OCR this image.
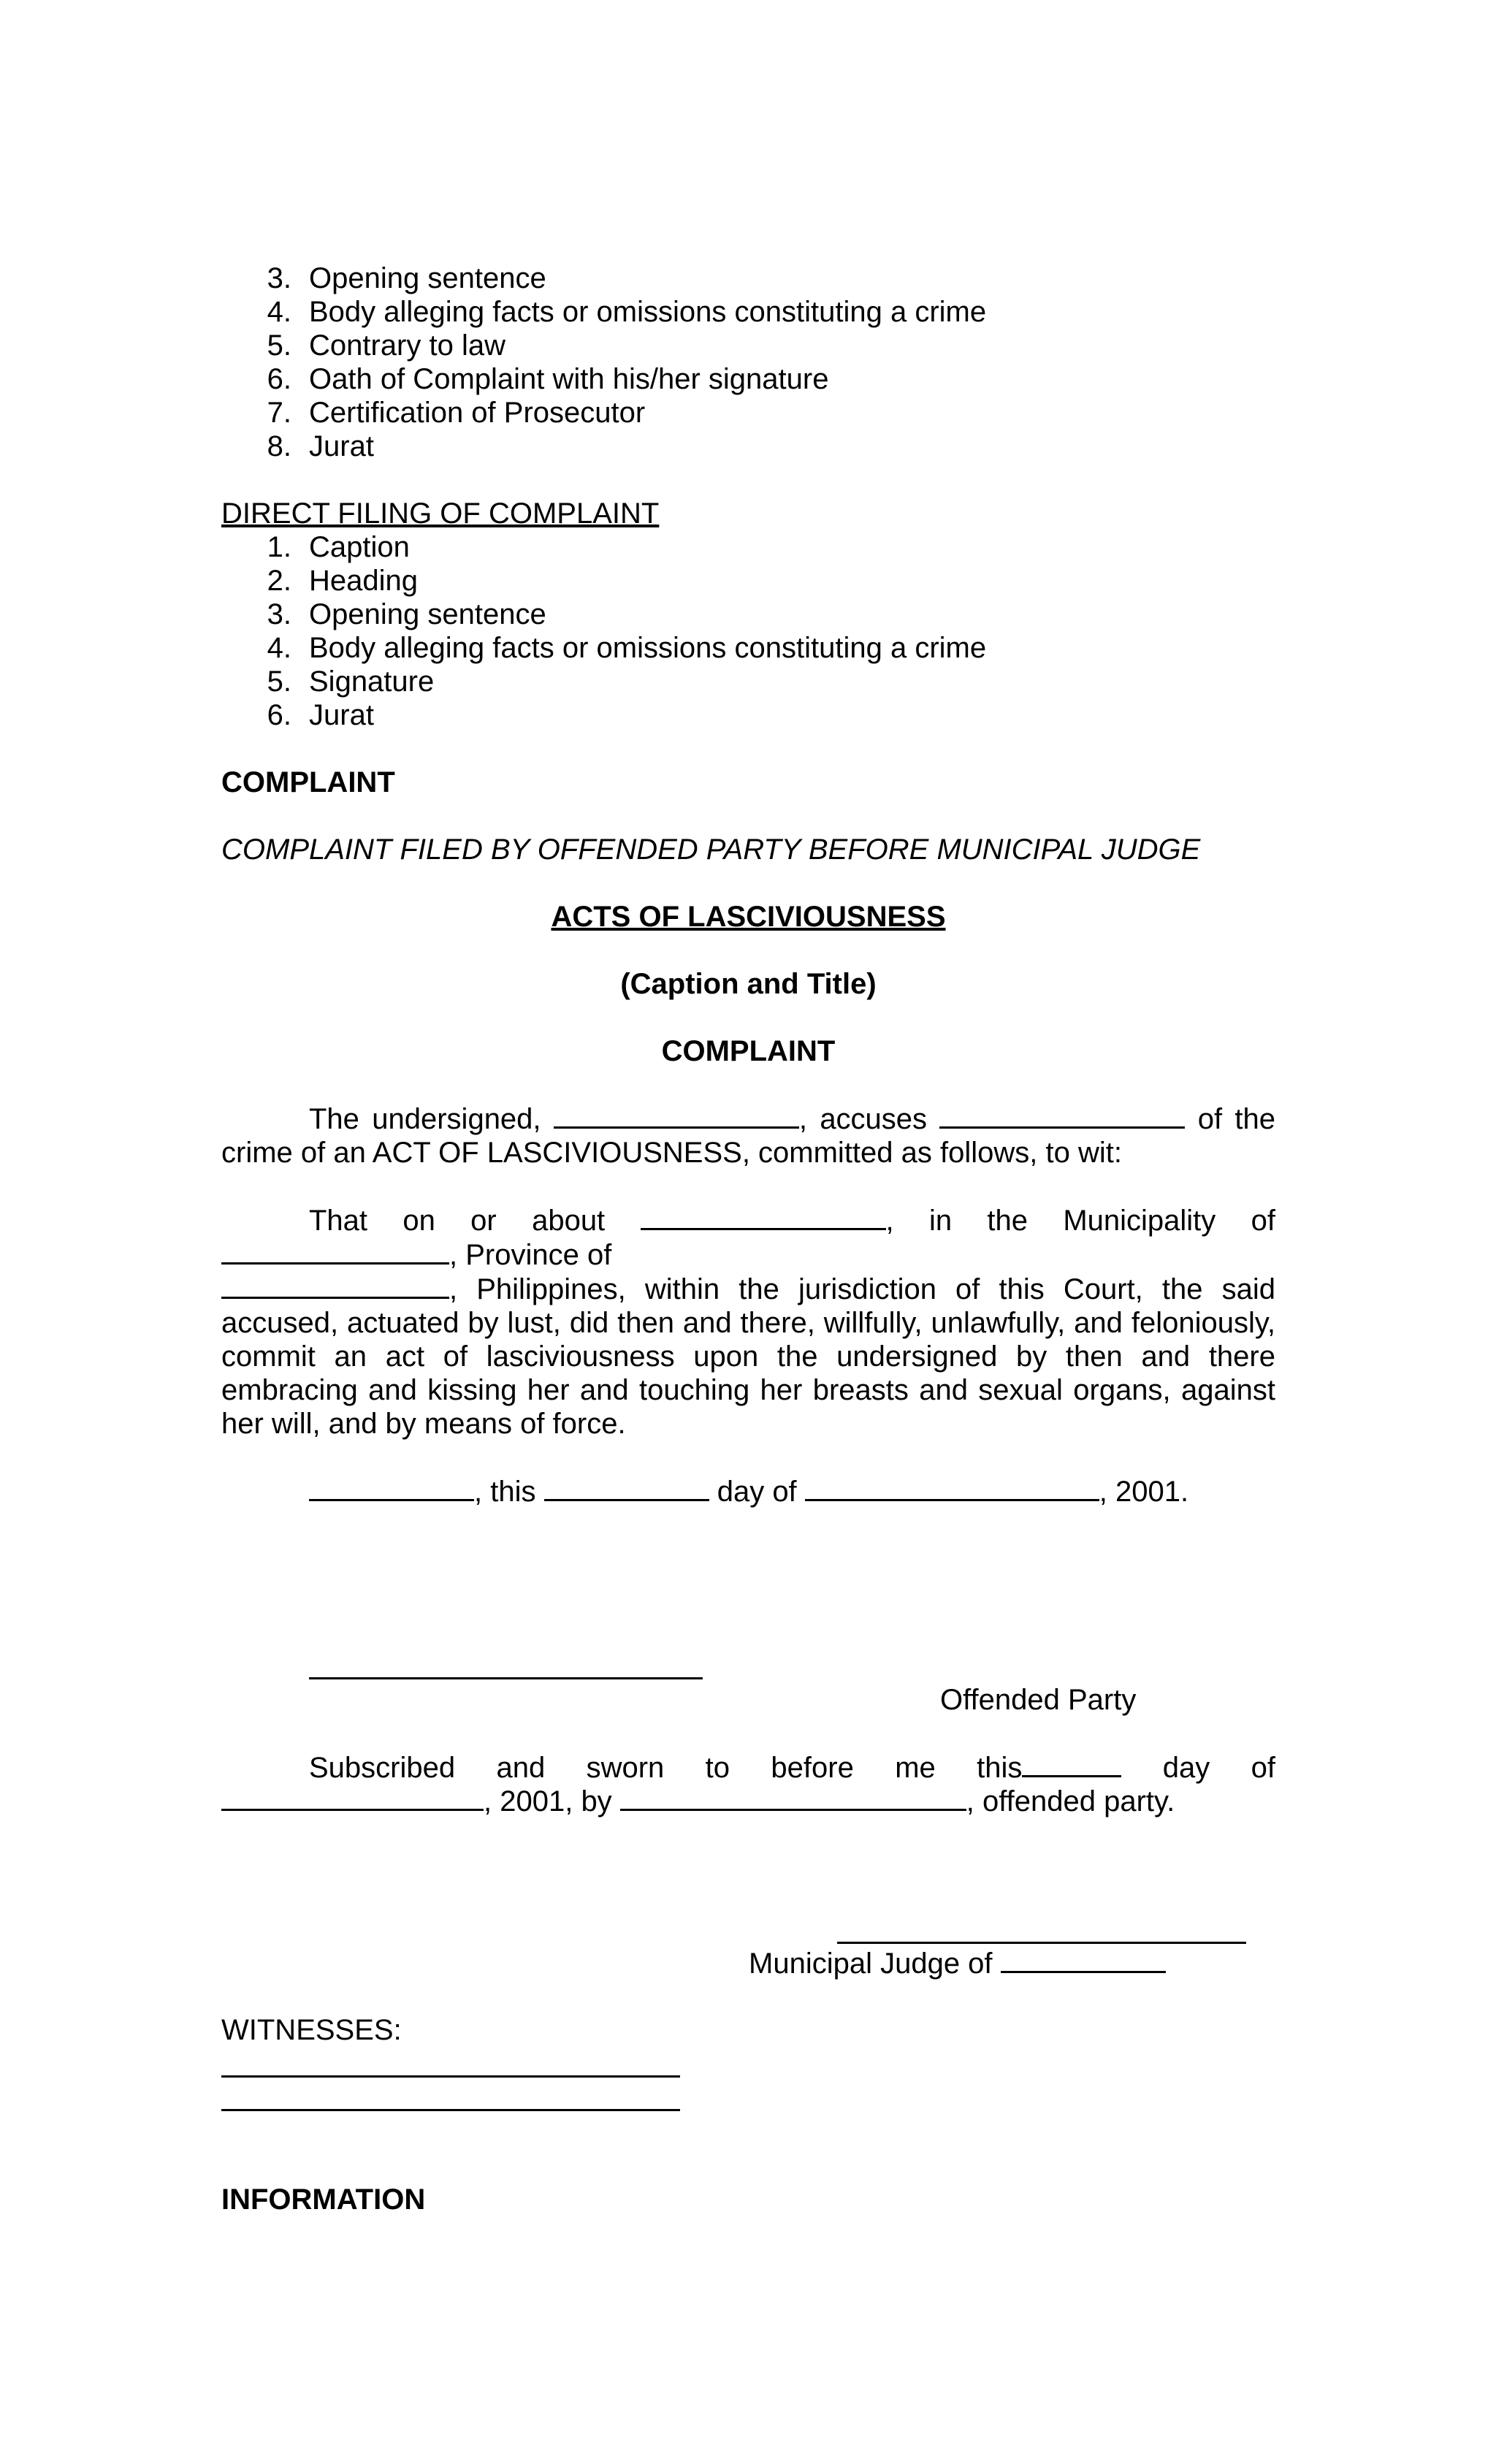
3. Opening sentence
4. Body alleging facts or omissions constituting a crime
5. Contrary to law
6. Oath of Complaint with his/her signature
7. Certification of Prosecutor
8. Jurat
DIRECT FILING OF COMPLAINT
1. Caption
2. Heading
3. Opening sentence
4. Body alleging facts or omissions constituting a crime
5. Signature
6. Jurat
COMPLAINT
COMPLAINT FILED BY OFFENDED PARTY BEFORE MUNICIPAL JUDGE
ACTS OF LASCIVIOUSNESS
(Caption and Title)
COMPLAINT
The undersigned,	, accuses	of the crime of an ACT OF LASCIVIOUSNESS, committed as follows, to wit:
That on or about	, in the Municipality of
, Province of
, Philippines, within the jurisdiction of this Court, the said accused, actuated by lust, did then and there, willfully, unlawfully, and feloniously, commit an act of lasciviousness upon the undersigned by then and there embracing and kissing her and touching her breasts and sexual organs, against her will, and by means of force.
, this	day of	, 2001.
Offended Party
Subscribed and sworn to before me this	day of
, 2001, by	, offended party.
Municipal Judge of
WITNESSES:
INFORMATION
